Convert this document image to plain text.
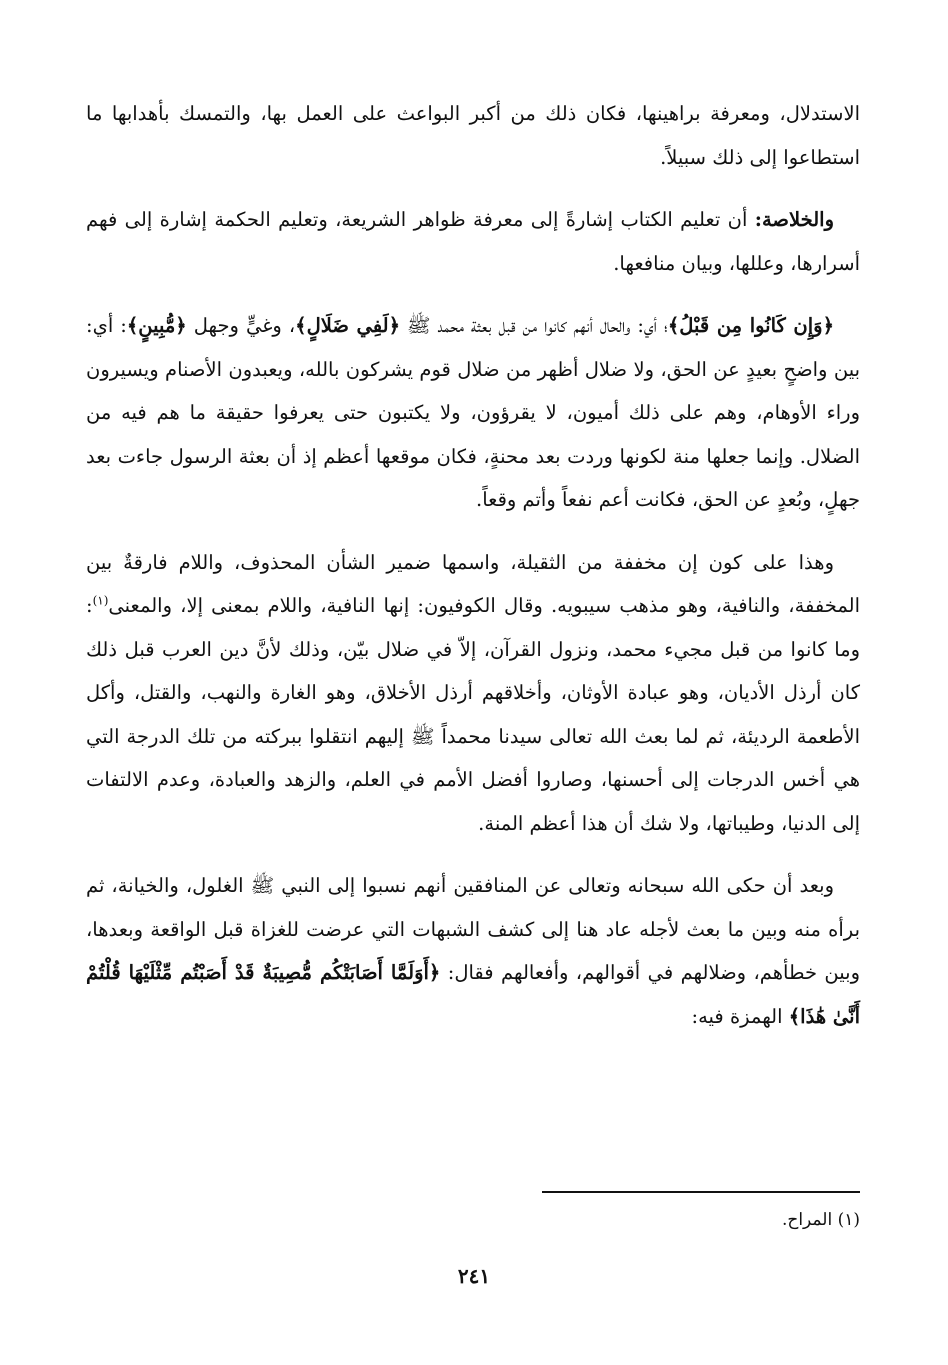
الاستدلال، ومعرفة براهينها، فكان ذلك من أكبر البواعث على العمل بها، والتمسك بأهدابها ما استطاعوا إلى ذلك سبيلاً.

والخلاصة: أن تعليم الكتاب إشارةً إلى معرفة ظواهر الشريعة، وتعليم الحكمة إشارة إلى فهم أسرارها، وعللها، وبيان منافعها.

﴿وَإِن كَانُوا مِن قَبْلُ﴾؛ أي: والحال أنهم كانوا من قبل بعثة محمد ﷺ ﴿لَفِي ضَلَالٍ﴾، وغيٍّ وجهل ﴿مُّبِينٍ﴾: أي: بين واضحٍ بعيدٍ عن الحق، ولا ضلال أظهر من ضلال قوم يشركون بالله، ويعبدون الأصنام ويسيرون وراء الأوهام، وهم على ذلك أميون، لا يقرؤون، ولا يكتبون حتى يعرفوا حقيقة ما هم فيه من الضلال. وإنما جعلها منة لكونها وردت بعد محنةٍ، فكان موقعها أعظم إذ أن بعثة الرسول جاءت بعد جهلٍ، وبُعدٍ عن الحق، فكانت أعم نفعاً وأتم وقعاً.

وهذا على كون إن مخففة من الثقيلة، واسمها ضمير الشأن المحذوف، واللام فارقةٌ بين المخففة، والنافية، وهو مذهب سيبويه. وقال الكوفيون: إنها النافية، واللام بمعنى إلا، والمعنى$^{(١)}$: وما كانوا من قبل مجيء محمد، ونزول القرآن، إلاّ في ضلال بيّن، وذلك لأنَّ دين العرب قبل ذلك كان أرذل الأديان، وهو عبادة الأوثان، وأخلاقهم أرذل الأخلاق، وهو الغارة والنهب، والقتل، وأكل الأطعمة الرديئة، ثم لما بعث الله تعالى سيدنا محمداً ﷺ إليهم انتقلوا ببركته من تلك الدرجة التي هي أخس الدرجات إلى أحسنها، وصاروا أفضل الأمم في العلم، والزهد والعبادة، وعدم الالتفات إلى الدنيا، وطيباتها، ولا شك أن هذا أعظم المنة.

وبعد أن حكى الله سبحانه وتعالى عن المنافقين أنهم نسبوا إلى النبي ﷺ الغلول، والخيانة، ثم برأه منه وبين ما بعث لأجله عاد هنا إلى كشف الشبهات التي عرضت للغزاة قبل الواقعة وبعدها، وبين خطأهم، وضلالهم في أقوالهم، وأفعالهم فقال: ﴿أَوَلَمَّا أَصَابَتْكُم مُّصِيبَةٌ قَدْ أَصَبْتُم مِّثْلَيْهَا قُلْتُمْ أَنَّىٰ هَٰذَا﴾ الهمزة فيه:

(١) المراح.
٢٤١
